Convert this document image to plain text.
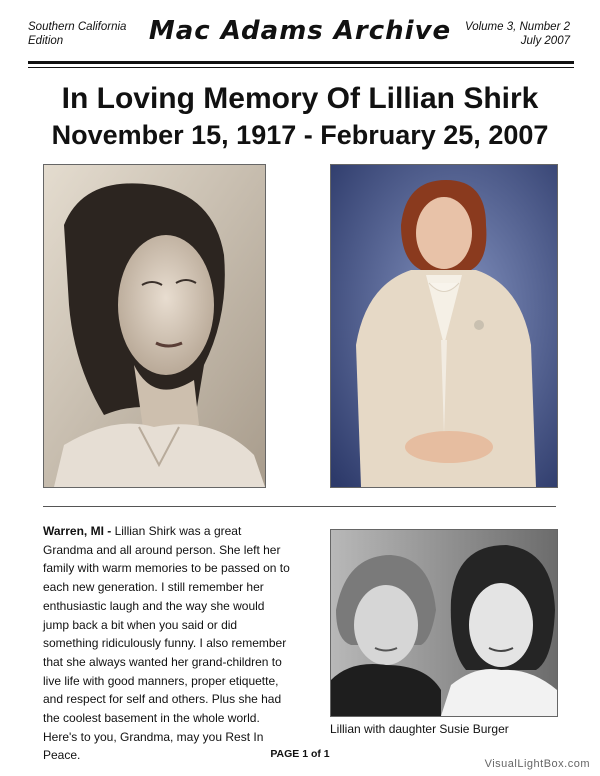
Southern California Edition	Mac Adams Archive	Volume 3, Number 2
July 2007
In Loving Memory Of Lillian Shirk
November 15, 1917 - February 25, 2007
Warren, MI - Lillian Shirk was a great Grandma and all around person. She left her family with warm memories to be passed on to each new generation. I still remember her enthusiastic laugh and the way she would jump back a bit when you said or did something ridiculously funny. I also remember that she always wanted her grand-children to live life with good manners, proper etiquette, and respect for self and others. Plus she had the coolest basement in the whole world. Here's to you, Grandma, may you Rest In Peace.
Lillian with daughter Susie Burger
PAGE 1 of 1
VisualLightBox.com
